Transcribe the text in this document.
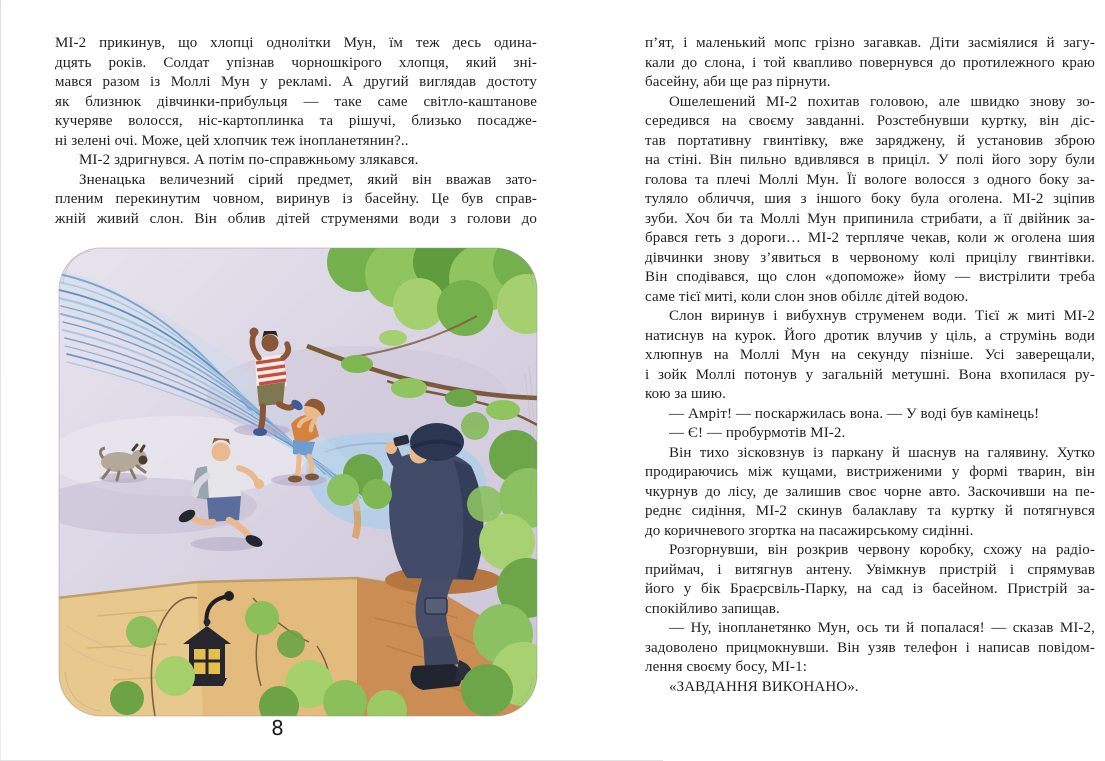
МІ-2 прикинув, що хлопці однолітки Мун, їм теж десь одина-
дцять років. Солдат упізнав чорношкірого хлопця, який зні-
мався разом із Моллі Мун у рекламі. А другий виглядав достоту
як близнюк дівчинки-прибульця — таке саме світло-каштанове
кучеряве волосся, ніс-картоплинка та рішучі, близько посадже-
ні зелені очі. Може, цей хлопчик теж інопланетянин?..
МІ-2 здригнувся. А потім по-справжньому злякався.
Зненацька величезний сірий предмет, який він вважав зато-
пленим перекинутим човном, виринув із басейну. Це був справ-
жній живий слон. Він облив дітей струменями води з голови до
8
п’ят, і маленький мопс грізно загавкав. Діти засміялися й загу-
кали до слона, і той квапливо повернувся до протилежного краю
басейну, аби ще раз пірнути.
Ошелешений МІ-2 похитав головою, але швидко знову зо-
середився на своєму завданні. Розстебнувши куртку, він діс-
тав портативну гвинтівку, вже заряджену, й установив зброю
на стіні. Він пильно вдивлявся в приціл. У полі його зору були
голова та плечі Моллі Мун. Її вологе волосся з одного боку за-
туляло обличчя, шия з іншого боку була оголена. МІ-2 зціпив
зуби. Хоч би та Моллі Мун припинила стрибати, а її двійник за-
брався геть з дороги… МІ-2 терпляче чекав, коли ж оголена шия
дівчинки знову з’явиться в червоному колі прицілу гвинтівки.
Він сподівався, що слон «допоможе» йому — вистрілити треба
саме тієї миті, коли слон знов обіллє дітей водою.
Слон виринув і вибухнув струменем води. Тієї ж миті МІ-2
натиснув на курок. Його дротик влучив у ціль, а струмінь води
хлюпнув на Моллі Мун на секунду пізніше. Усі заверещали,
і зойк Моллі потонув у загальній метушні. Вона вхопилася ру-
кою за шию.
— Амріт! — поскаржилась вона. — У воді був камінець!
— Є! — пробурмотів МІ-2.
Він тихо зісковзнув із паркану й шаснув на галявину. Хутко
продираючись між кущами, вистриженими у формі тварин, він
чкурнув до лісу, де залишив своє чорне авто. Заскочивши на пе-
реднє сидіння, МІ-2 скинув балаклаву та куртку й потягнувся
до коричневого згортка на пасажирському сидінні.
Розгорнувши, він розкрив червону коробку, схожу на радіо-
приймач, і витягнув антену. Увімкнув пристрій і спрямував
його у бік Браєрсвіль-Парку, на сад із басейном. Пристрій за-
спокійливо запищав.
— Ну, інопланетянко Мун, ось ти й попалася! — сказав МІ-2,
задоволено прицмокнувши. Він узяв телефон і написав повідом-
лення своєму босу, МІ-1:
«ЗАВДАННЯ ВИКОНАНО».
